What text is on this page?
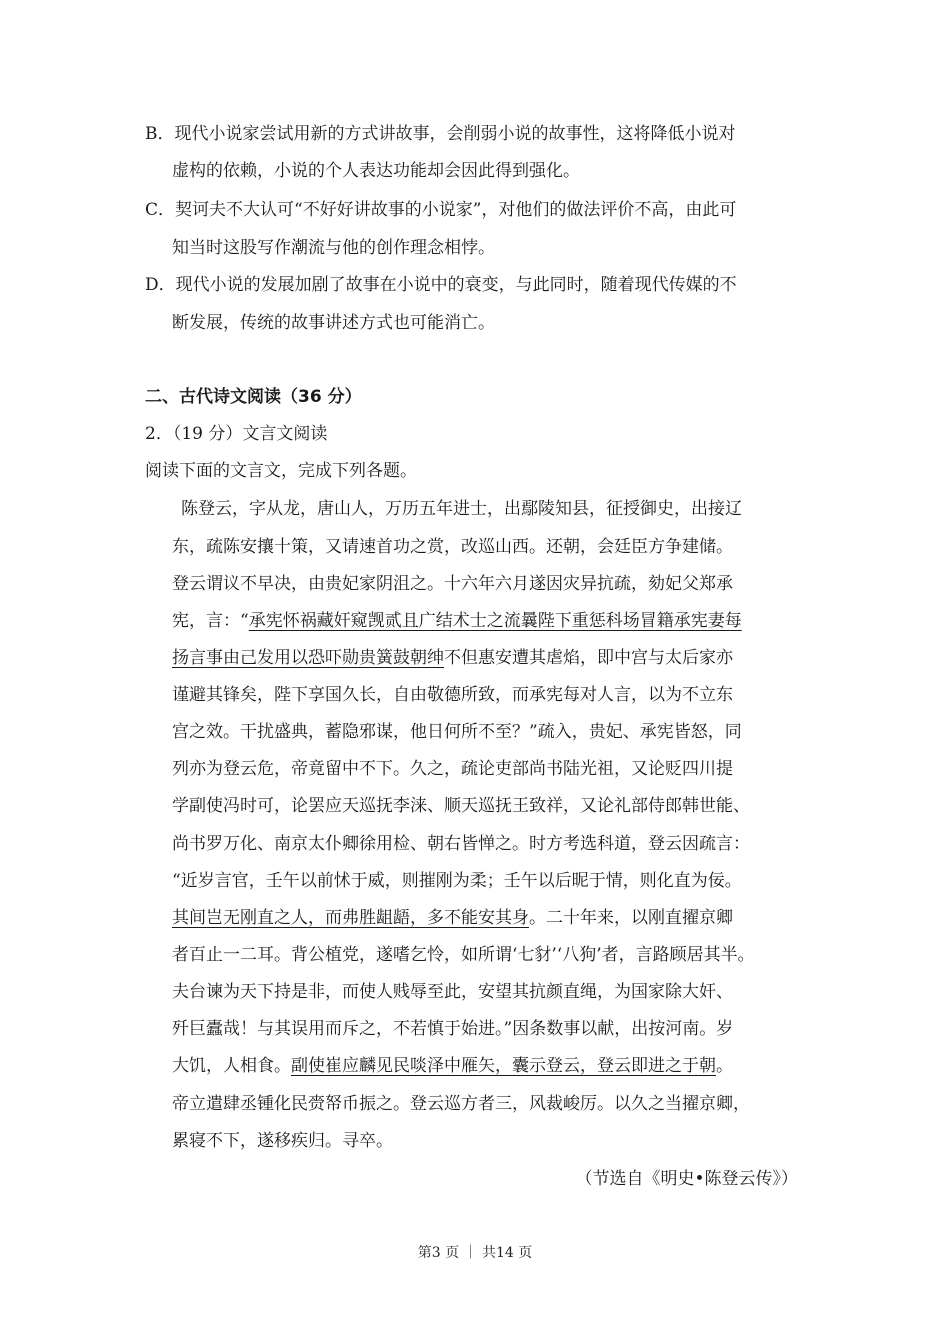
B．现代小说家尝试用新的方式讲故事，会削弱小说的故事性，这将降低小说对
虚构的依赖，小说的个人表达功能却会因此得到强化。
C．契诃夫不大认可“不好好讲故事的小说家”，对他们的做法评价不高，由此可
知当时这股写作潮流与他的创作理念相悖。
D．现代小说的发展加剧了故事在小说中的衰变，与此同时，随着现代传媒的不
断发展，传统的故事讲述方式也可能消亡。
二、古代诗文阅读（36 分）
2．（19 分）文言文阅读
阅读下面的文言文，完成下列各题。
陈登云，字从龙，唐山人，万历五年进士，出鄢陵知县，征授御史，出接辽
东，疏陈安攘十策，又请速首功之赏，改巡山西。还朝，会廷臣方争建储。
登云谓议不早决，由贵妃家阴沮之。十六年六月遂因灾异抗疏，劾妃父郑承
宪，言：“承宪怀祸藏奸窥觊贰且广结术士之流曩陛下重惩科场冒籍承宪妻每
扬言事由己发用以恐吓勋贵簧鼓朝绅不但惠安遭其虐焰，即中宫与太后家亦
谨避其锋矣，陛下享国久长，自由敬德所致，而承宪每对人言，以为不立东
宫之效。干扰盛典，蓄隐邪谋，他日何所不至？”疏入，贵妃、承宪皆怒，同
列亦为登云危，帝竟留中不下。久之，疏论吏部尚书陆光祖，又论贬四川提
学副使冯时可，论罢应天巡抚李涞、顺天巡抚王致祥，又论礼部侍郎韩世能、
尚书罗万化、南京太仆卿徐用检、朝右皆惮之。时方考选科道，登云因疏言：
“近岁言官，壬午以前怵于威，则摧刚为柔；壬午以后昵于情，则化直为佞。
其间岂无刚直之人，而弗胜龃龉，多不能安其身。二十年来，以刚直擢京卿
者百止一二耳。背公植党，遂嗜乞怜，如所谓‘七豺’‘八狗’者，言路顾居其半。
夫台谏为天下持是非，而使人贱辱至此，安望其抗颜直绳，为国家除大奸、
歼巨蠹哉！与其误用而斥之，不若慎于始进。”因条数事以献，出按河南。岁
大饥，人相食。副使崔应麟见民啖泽中雁矢，囊示登云，登云即进之于朝。
帝立遣肆丞锺化民赍帑币振之。登云巡方者三，风裁峻厉。以久之当擢京卿，
累寝不下，遂移疾归。寻卒。
（节选自《明史•陈登云传》）
第3 页 ｜ 共14 页
